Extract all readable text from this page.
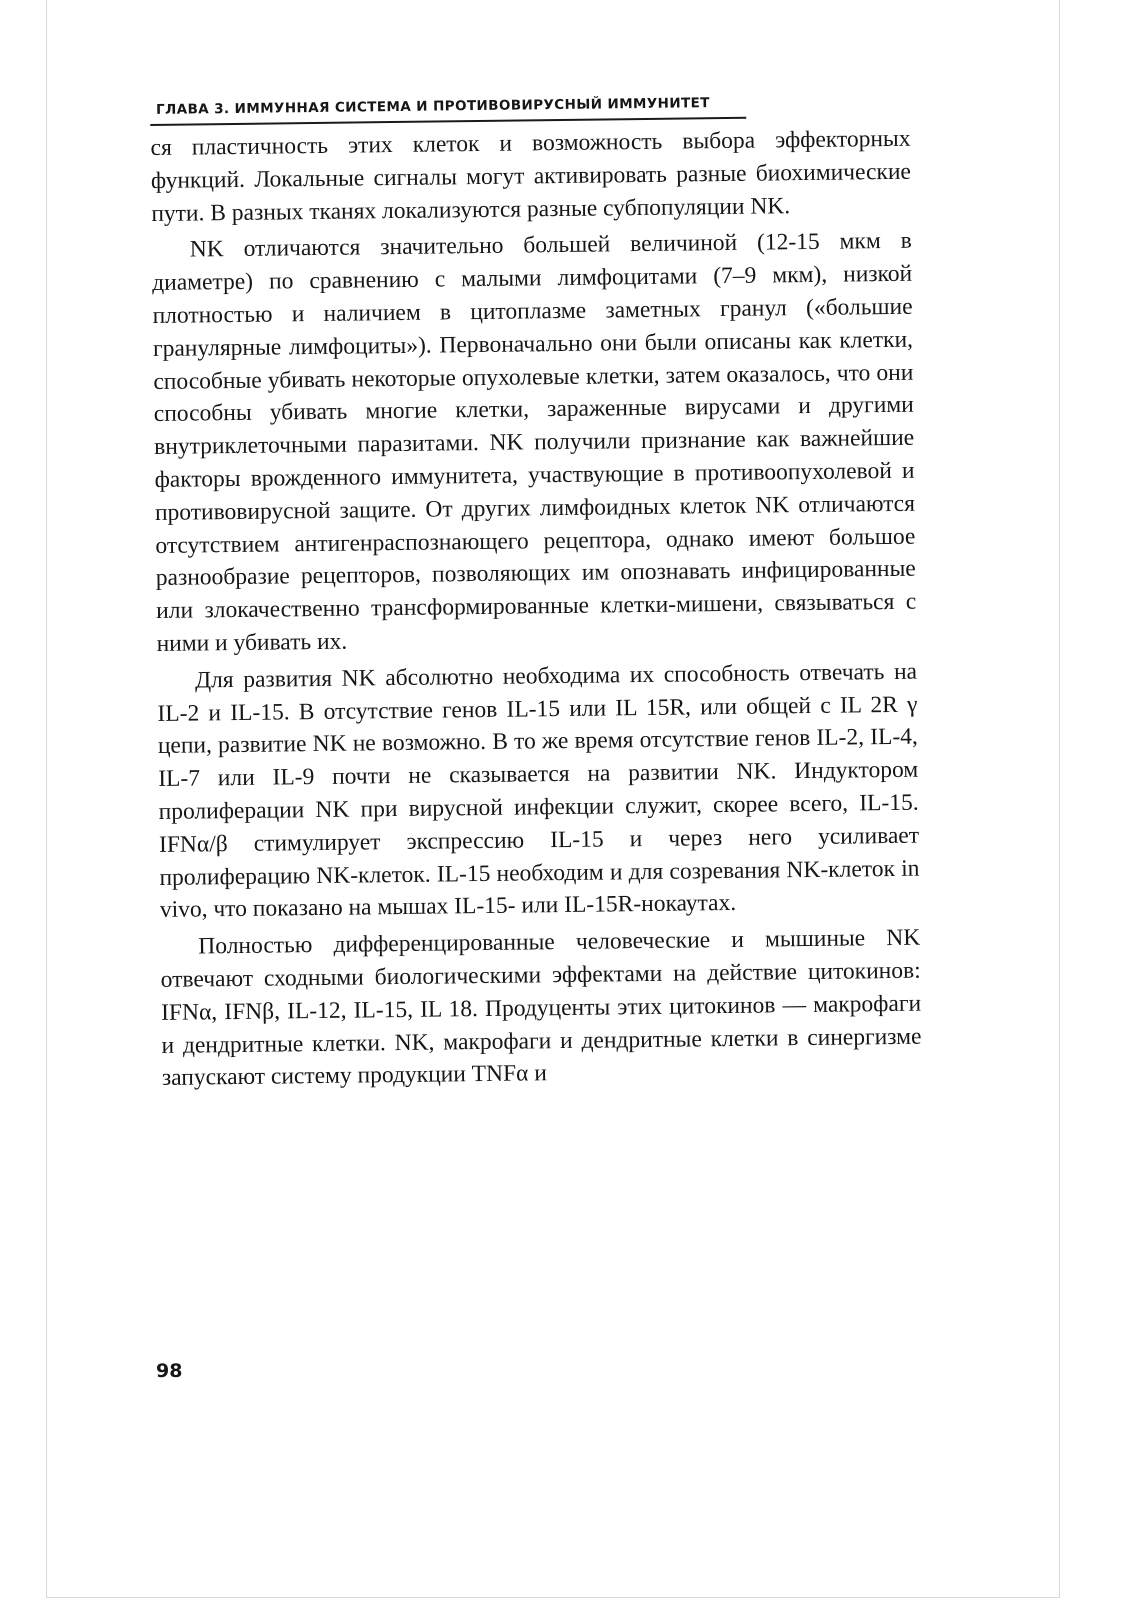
ГЛАВА 3. ИММУННАЯ СИСТЕМА И ПРОТИВОВИРУСНЫЙ ИММУНИТЕТ

ся пластичность этих клеток и возможность выбора эффекторных функций. Локальные сигналы могут активировать разные биохимические пути. В разных тканях локализуются разные субпопуляции NK.

NK отличаются значительно большей величиной (12-15 мкм в диаметре) по сравнению с малыми лимфоцитами (7–9 мкм), низкой плотностью и наличием в цитоплазме заметных гранул («большие гранулярные лимфоциты»). Первоначально они были описаны как клетки, способные убивать некоторые опухолевые клетки, затем оказалось, что они способны убивать многие клетки, зараженные вирусами и другими внутриклеточными паразитами. NK получили признание как важнейшие факторы врожденного иммунитета, участвующие в противоопухолевой и противовирусной защите. От других лимфоидных клеток NK отличаются отсутствием антигенраспознающего рецептора, однако имеют большое разнообразие рецепторов, позволяющих им опознавать инфицированные или злокачественно трансформированные клетки-мишени, связываться с ними и убивать их.

Для развития NK абсолютно необходима их способность отвечать на IL-2 и IL-15. В отсутствие генов IL-15 или IL 15R, или общей c IL 2R γ цепи, развитие NK не возможно. В то же время отсутствие генов IL-2, IL-4, IL-7 или IL-9 почти не сказывается на развитии NK. Индуктором пролиферации NK при вирусной инфекции служит, скорее всего, IL-15. IFNα/β стимулирует экспрессию IL-15 и через него усиливает пролиферацию NK-клеток. IL-15 необходим и для созревания NK-клеток in vivo, что показано на мышах IL-15- или IL-15R-нокаутах.

Полностью дифференцированные человеческие и мышиные NK отвечают сходными биологическими эффектами на действие цитокинов: IFNα, IFNβ, IL-12, IL-15, IL 18. Продуценты этих цитокинов — макрофаги и дендритные клетки. NK, макрофаги и дендритные клетки в синергизме запускают систему продукции TNFα и

98
